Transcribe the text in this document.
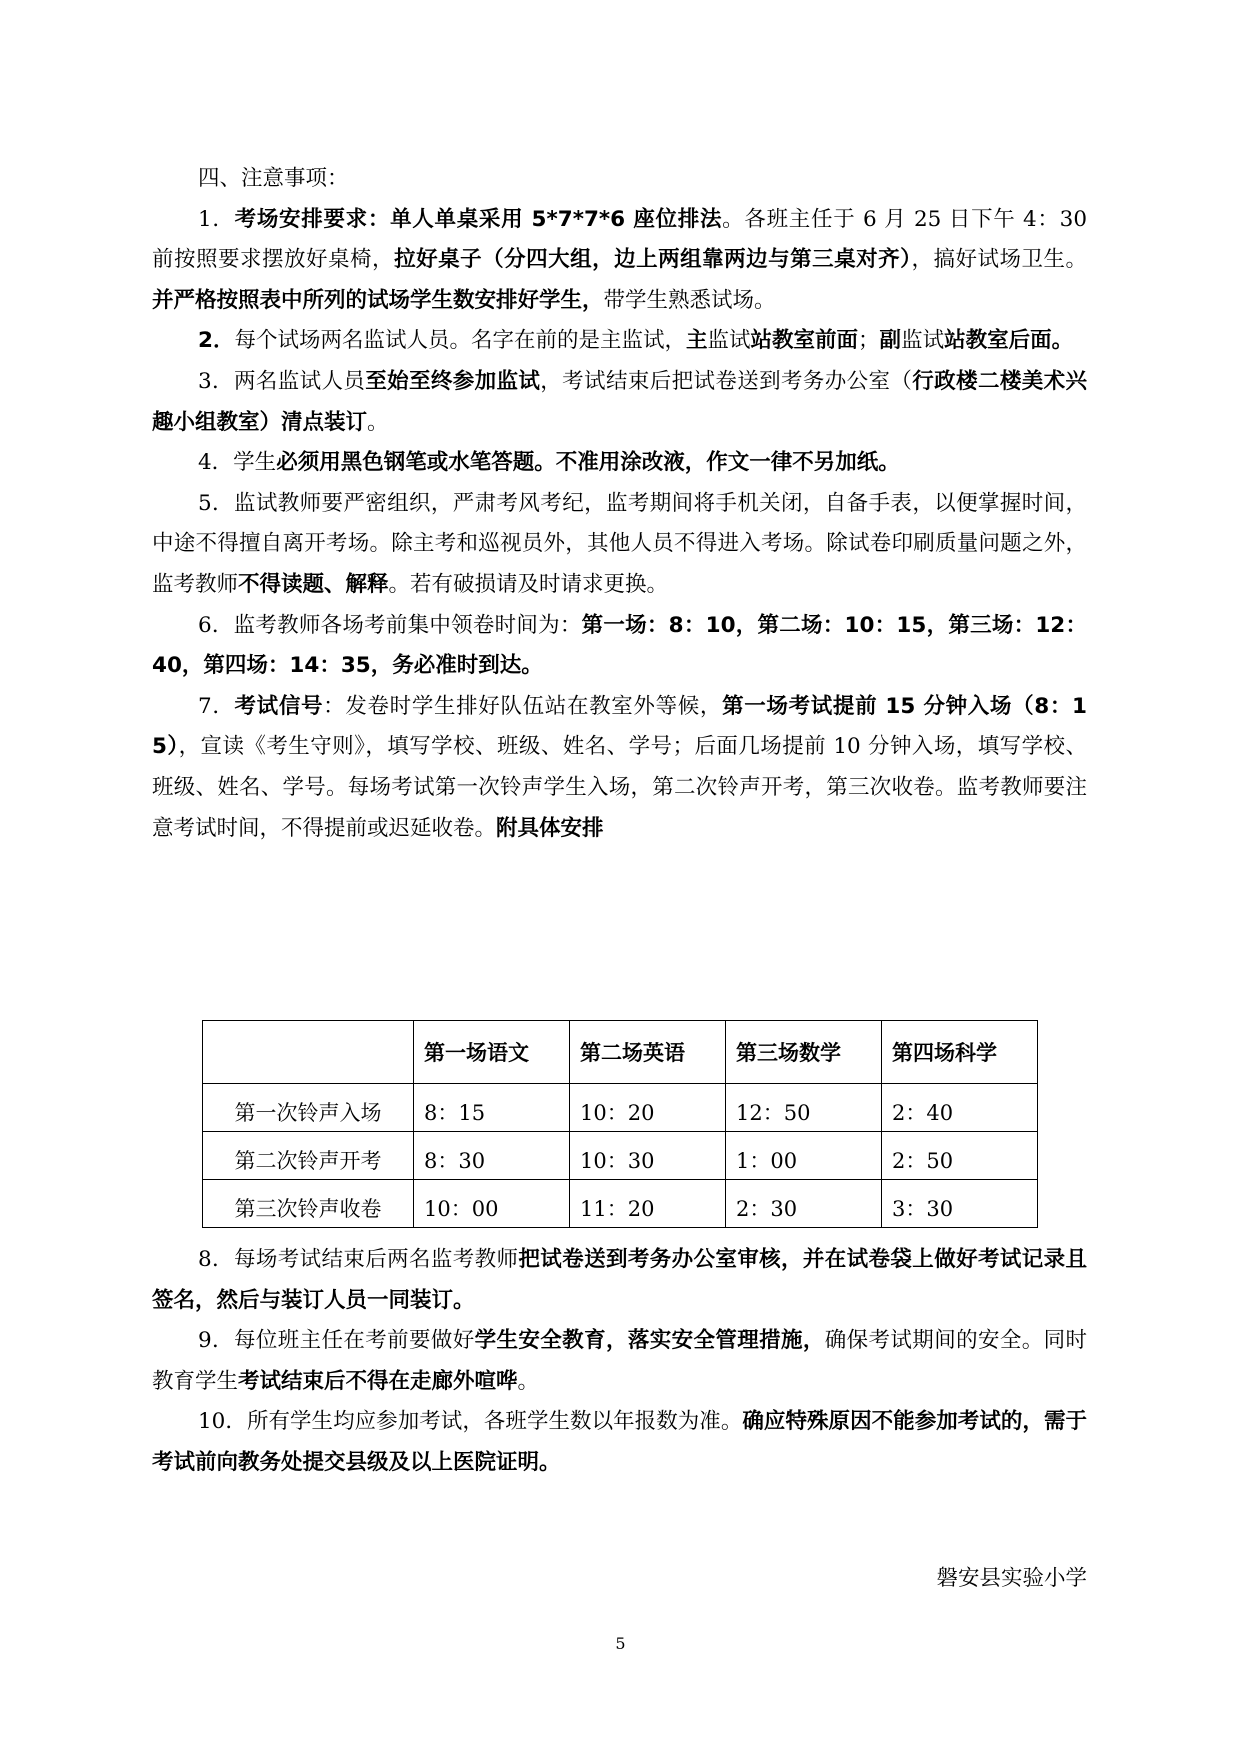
四、注意事项：

1．考场安排要求：单人单桌采用 5*7*7*6 座位排法。各班主任于 6 月 25 日下午 4：30 前按照要求摆放好桌椅，拉好桌子（分四大组，边上两组靠两边与第三桌对齐），搞好试场卫生。并严格按照表中所列的试场学生数安排好学生，带学生熟悉试场。

2．每个试场两名监试人员。名字在前的是主监试，主监试站教室前面；副监试站教室后面。

3．两名监试人员至始至终参加监试，考试结束后把试卷送到考务办公室（行政楼二楼美术兴趣小组教室）清点装订。

4．学生必须用黑色钢笔或水笔答题。不准用涂改液，作文一律不另加纸。

5．监试教师要严密组织，严肃考风考纪，监考期间将手机关闭，自备手表，以便掌握时间，中途不得擅自离开考场。除主考和巡视员外，其他人员不得进入考场。除试卷印刷质量问题之外，监考教师不得读题、解释。若有破损请及时请求更换。

6．监考教师各场考前集中领卷时间为：第一场：8：10，第二场：10：15，第三场：12：40，第四场：14：35，务必准时到达。

7．考试信号：发卷时学生排好队伍站在教室外等候，第一场考试提前 15 分钟入场（8：15），宣读《考生守则》，填写学校、班级、姓名、学号；后面几场提前 10 分钟入场，填写学校、班级、姓名、学号。每场考试第一次铃声学生入场，第二次铃声开考，第三次收卷。监考教师要注意考试时间，不得提前或迟延收卷。附具体安排

	第一场语文	第二场英语	第三场数学	第四场科学
第一次铃声入场	8：15	10：20	12：50	2：40
第二次铃声开考	8：30	10：30	1：00	2：50
第三次铃声收卷	10：00	11：20	2：30	3：30

8．每场考试结束后两名监考教师把试卷送到考务办公室审核，并在试卷袋上做好考试记录且签名，然后与装订人员一同装订。

9．每位班主任在考前要做好学生安全教育，落实安全管理措施，确保考试期间的安全。同时教育学生考试结束后不得在走廊外喧哗。

10．所有学生均应参加考试，各班学生数以年报数为准。确应特殊原因不能参加考试的，需于考试前向教务处提交县级及以上医院证明。

磐安县实验小学
5
